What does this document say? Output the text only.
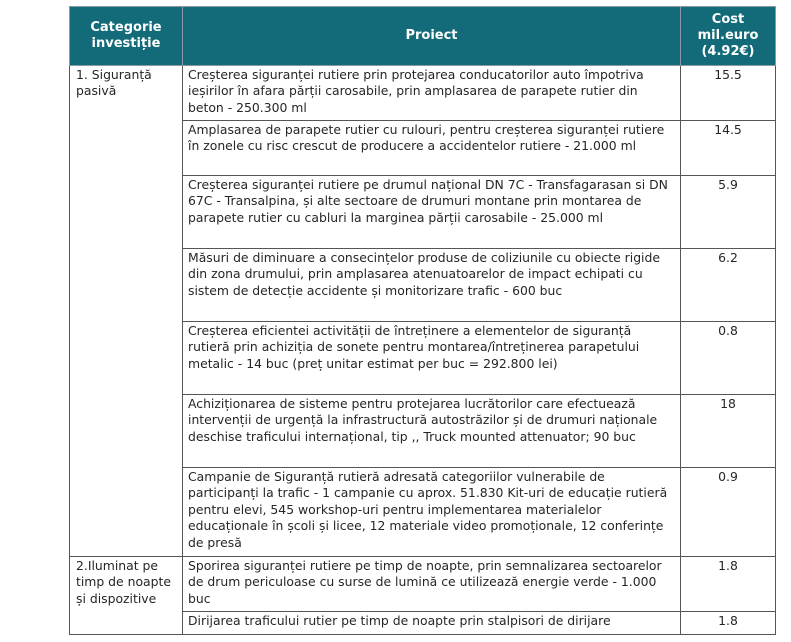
Categorie investiție	Proiect	Cost mil.euro (4.92€)
1. Siguranță pasivă	Creșterea siguranței rutiere prin protejarea conducatorilor auto împotriva ieșirilor în afara părții carosabile, prin amplasarea de parapete rutier din beton - 250.300 ml	15.5
	Amplasarea de parapete rutier cu rulouri, pentru creșterea siguranței rutiere în zonele cu risc crescut de producere a accidentelor rutiere - 21.000 ml	14.5
	Creșterea siguranței rutiere pe drumul național DN 7C - Transfagarasan si DN 67C - Transalpina, și alte sectoare de drumuri montane prin montarea de parapete rutier cu cabluri la marginea părții carosabile - 25.000 ml	5.9
	Măsuri de diminuare a consecințelor produse de coliziunile cu obiecte rigide din zona drumului, prin amplasarea atenuatoarelor de impact echipati cu sistem de detecție accidente și monitorizare trafic - 600 buc	6.2
	Creșterea eficientei activității de întreținere a elementelor de siguranță rutieră prin achiziția de sonete pentru montarea/întreținerea parapetului metalic - 14 buc (preț unitar estimat per buc = 292.800 lei)	0.8
	Achiziționarea de sisteme pentru protejarea lucrătorilor care efectuează intervenții de urgență la infrastructură autostrăzilor și de drumuri naționale deschise traficului internațional, tip ,, Truck mounted attenuator; 90 buc	18
	Campanie de Siguranță rutieră adresată categoriilor vulnerabile de participanți la trafic - 1 campanie cu aprox. 51.830 Kit-uri de educație rutieră pentru elevi, 545 workshop-uri pentru implementarea materialelor educaționale în școli și licee, 12 materiale video promoționale, 12 conferințe de presă	0.9
2.Iluminat pe timp de noapte și dispozitive	Sporirea siguranței rutiere pe timp de noapte, prin semnalizarea sectoarelor de drum periculoase cu surse de lumină ce utilizează energie verde - 1.000 buc	1.8
	Dirijarea traficului rutier pe timp de noapte prin stalpisori de dirijare	1.8
